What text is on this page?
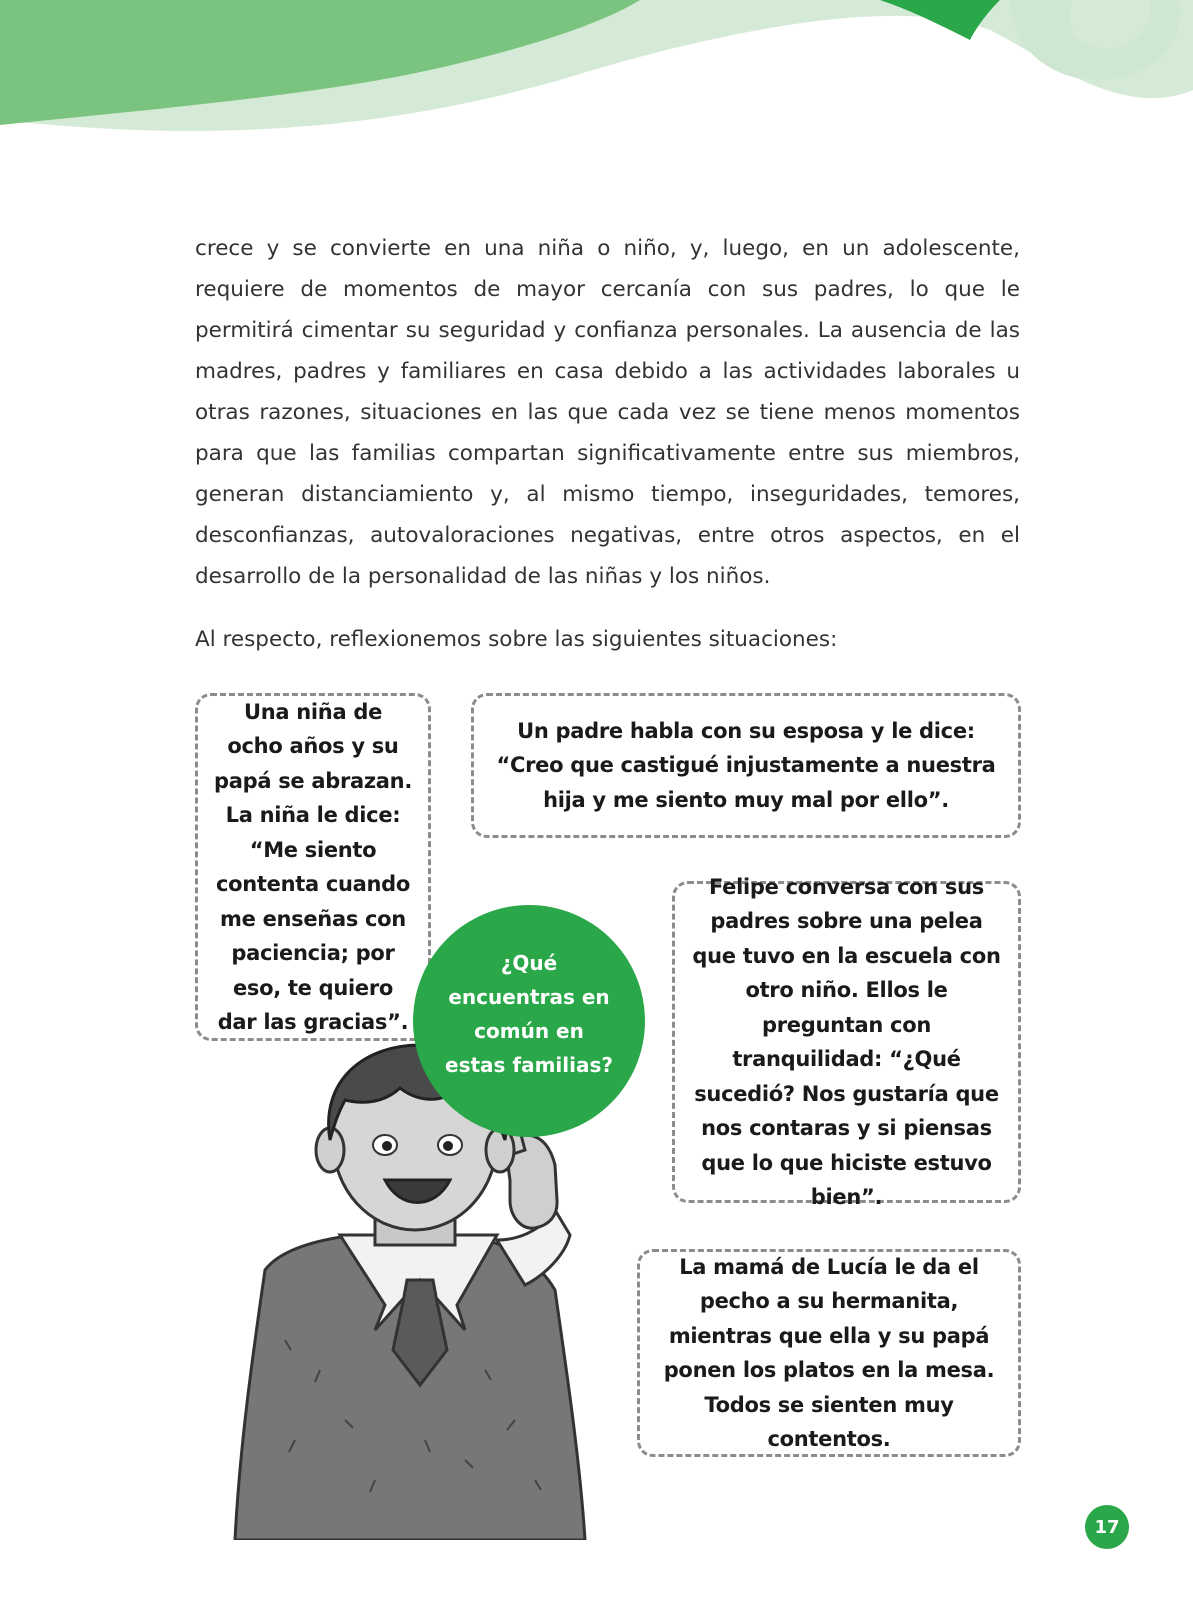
crece y se convierte en una niña o niño, y, luego, en un adolescente, requiere de momentos de mayor cercanía con sus padres, lo que le permitirá cimentar su seguridad y confianza personales. La ausencia de las madres, padres y familiares en casa debido a las actividades laborales u otras razones, situaciones en las que cada vez se tiene menos momentos para que las familias compartan significativamente entre sus miembros, generan distanciamiento y, al mismo tiempo, inseguridades, temores, desconfianzas, autovaloraciones negativas, entre otros aspectos, en el desarrollo de la personalidad de las niñas y los niños.

Al respecto, reflexionemos sobre las siguientes situaciones:

Una niña de ocho años y su papá se abrazan. La niña le dice: “Me siento contenta cuando me enseñas con paciencia; por eso, te quiero dar las gracias”.
Un padre habla con su esposa y le dice: “Creo que castigué injustamente a nuestra hija y me siento muy mal por ello”.
Felipe conversa con sus padres sobre una pelea que tuvo en la escuela con otro niño. Ellos le preguntan con tranquilidad: “¿Qué sucedió? Nos gustaría que nos contaras y si piensas que lo que hiciste estuvo bien”.
La mamá de Lucía le da el pecho a su hermanita, mientras que ella y su papá ponen los platos en la mesa. Todos se sienten muy contentos.
¿Qué encuentras en común en estas familias?
17
